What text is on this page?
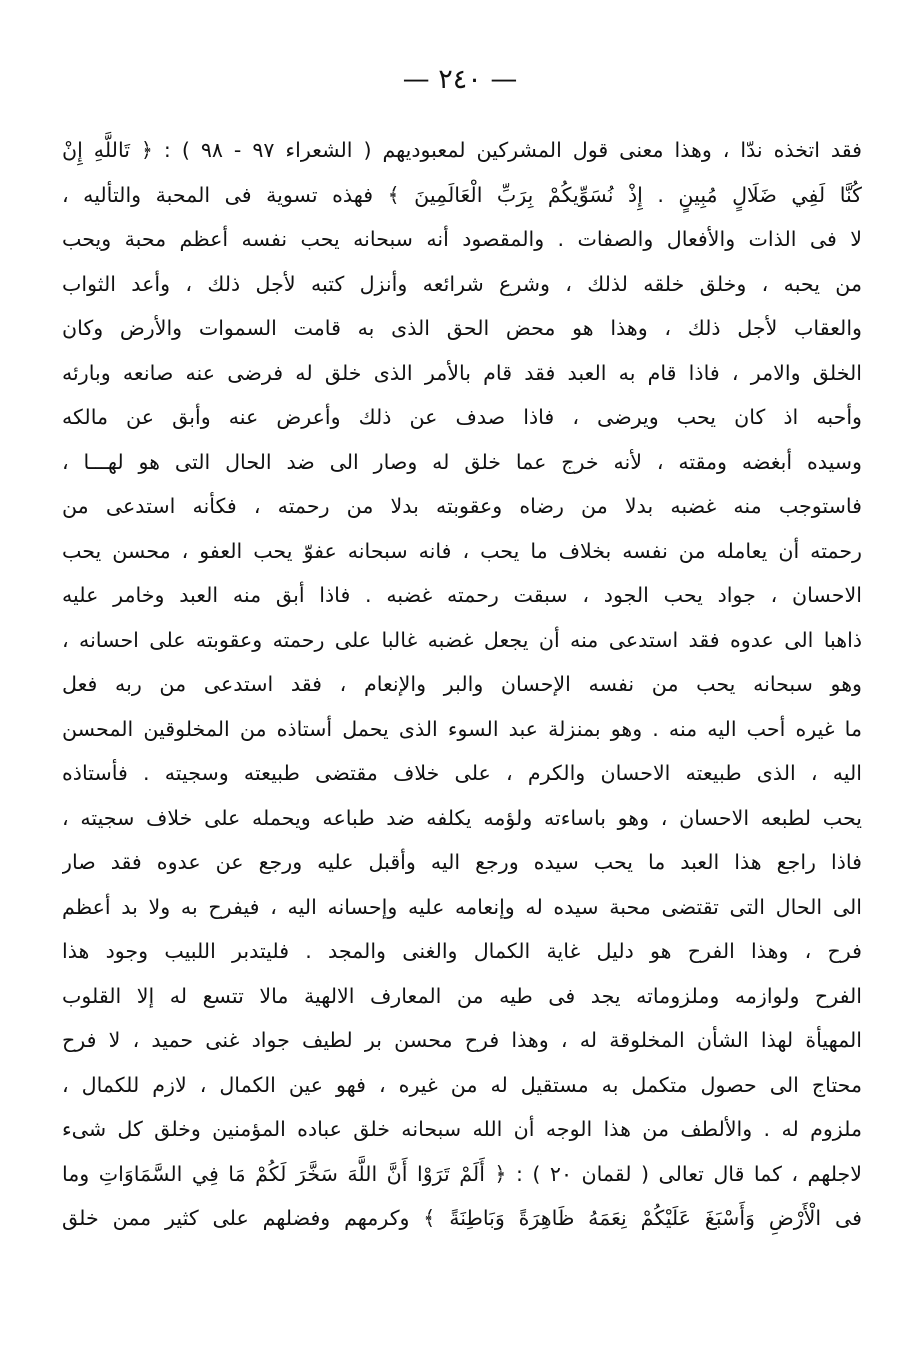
— ٢٤٠ —
فقد اتخذه ندّا ، وهذا معنى قول المشركين لمعبوديهم ( الشعراء ٩٧ - ٩٨ ) : ﴿ تَاللَّهِ إِنْ
كُنَّا لَفِي ضَلَالٍ مُبِينٍ . إِذْ نُسَوِّيكُمْ بِرَبِّ الْعَالَمِينَ ﴾ فهذه تسوية فى المحبة والتأليه ،
لا فى الذات والأفعال والصفات . والمقصود أنه سبحانه يحب نفسه أعظم محبة ويحب
من يحبه ، وخلق خلقه لذلك ، وشرع شرائعه وأنزل كتبه لأجل ذلك ، وأعد الثواب
والعقاب لأجل ذلك ، وهذا هو محض الحق الذى به قامت السموات والأرض وكان
الخلق والامر ، فاذا قام به العبد فقد قام بالأمر الذى خلق له فرضى عنه صانعه وبارئه
وأحبه اذ كان يحب ويرضى ، فاذا صدف عن ذلك وأعرض عنه وأبق عن مالكه
وسيده أبغضه ومقته ، لأنه خرج عما خلق له وصار الى ضد الحال التى هو لهـــا ،
فاستوجب منه غضبه بدلا من رضاه وعقوبته بدلا من رحمته ، فكأنه استدعى من
رحمته أن يعامله من نفسه بخلاف ما يحب ، فانه سبحانه عفوّ يحب العفو ، محسن يحب
الاحسان ، جواد يحب الجود ، سبقت رحمته غضبه . فاذا أبق منه العبد وخامر عليه
ذاهبا الى عدوه فقد استدعى منه أن يجعل غضبه غالبا على رحمته وعقوبته على احسانه ،
وهو سبحانه يحب من نفسه الإحسان والبر والإنعام ، فقد استدعى من ربه فعل
ما غيره أحب اليه منه . وهو بمنزلة عبد السوء الذى يحمل أستاذه من المخلوقين المحسن
اليه ، الذى طبيعته الاحسان والكرم ، على خلاف مقتضى طبيعته وسجيته . فأستاذه
يحب لطبعه الاحسان ، وهو باساءته ولؤمه يكلفه ضد طباعه ويحمله على خلاف سجيته ،
فاذا راجع هذا العبد ما يحب سيده ورجع اليه وأقبل عليه ورجع عن عدوه فقد صار
الى الحال التى تقتضى محبة سيده له وإنعامه عليه وإحسانه اليه ، فيفرح به ولا بد أعظم
فرح ، وهذا الفرح هو دليل غاية الكمال والغنى والمجد . فليتدبر اللبيب وجود هذا
الفرح ولوازمه وملزوماته يجد فى طيه من المعارف الالهية مالا تتسع له إلا القلوب
المهيأة لهذا الشأن المخلوقة له ، وهذا فرح محسن بر لطيف جواد غنى حميد ، لا فرح
محتاج الى حصول متكمل به مستقيل له من غيره ، فهو عين الكمال ، لازم للكمال ،
ملزوم له . والألطف من هذا الوجه أن الله سبحانه خلق عباده المؤمنين وخلق كل شىء
لاجلهم ، كما قال تعالى ( لقمان ٢٠ ) : ﴿ أَلَمْ تَرَوْا أَنَّ اللَّهَ سَخَّرَ لَكُمْ مَا فِي السَّمَاوَاتِ وما
فى الْأَرْضِ وَأَسْبَغَ عَلَيْكُمْ نِعَمَهُ ظَاهِرَةً وَبَاطِنَةً ﴾ وكرمهم وفضلهم على كثير ممن خلق
